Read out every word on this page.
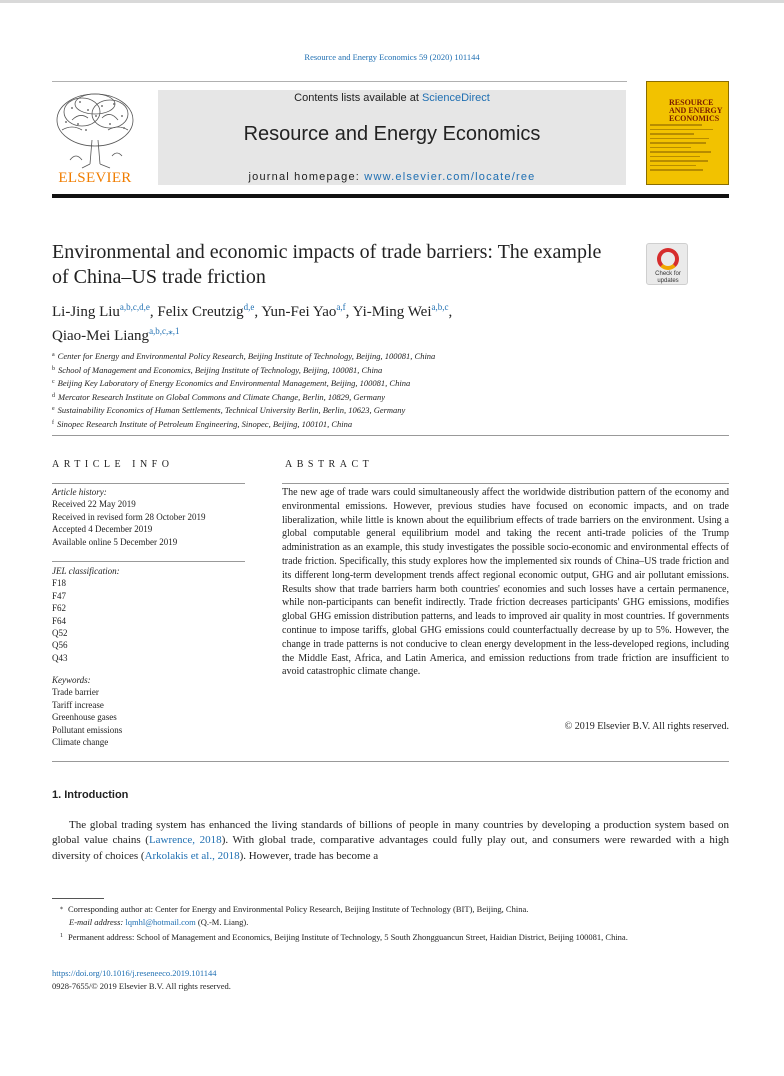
Resource and Energy Economics 59 (2020) 101144
ELSEVIER
Contents lists available at ScienceDirect
Resource and Energy Economics
journal homepage: www.elsevier.com/locate/ree
RESOURCE AND ENERGY ECONOMICS
Environmental and economic impacts of trade barriers: The example of China–US trade friction	Check for updates
Li-Jing Liu$^{a,b,c,d,e}$, Felix Creutzig$^{d,e}$, Yun-Fei Yao$^{a,f}$, Yi-Ming Wei$^{a,b,c}$,
Qiao-Mei Liang$^{a,b,c,⁎,1}$
$^a$ Center for Energy and Environmental Policy Research, Beijing Institute of Technology, Beijing, 100081, China
$^b$ School of Management and Economics, Beijing Institute of Technology, Beijing, 100081, China
$^c$ Beijing Key Laboratory of Energy Economics and Environmental Management, Beijing, 100081, China
$^d$ Mercator Research Institute on Global Commons and Climate Change, Berlin, 10829, Germany
$^e$ Sustainability Economics of Human Settlements, Technical University Berlin, Berlin, 10623, Germany
$^f$ Sinopec Research Institute of Petroleum Engineering, Sinopec, Beijing, 100101, China
ARTICLE INFO	ABSTRACT
Article history:
Received 22 May 2019
Received in revised form 28 October 2019
Accepted 4 December 2019
Available online 5 December 2019
JEL classification:
F18
F47
F62
F64
Q52
Q56
Q43
Keywords:
Trade barrier
Tariff increase
Greenhouse gases
Pollutant emissions
Climate change
The new age of trade wars could simultaneously affect the worldwide distribution pattern of the economy and environmental emissions. However, previous studies have focused on economic impacts, and on trade liberalization, while little is known about the equilibrium effects of trade barriers on the environment. Using a global computable general equilibrium model and taking the recent anti-trade policies of the Trump administration as an example, this study investigates the possible socio-economic and environmental effects of trade friction. Specifically, this study explores how the implemented six rounds of China–US trade friction and its different long-term development trends affect regional economic output, GHG and air pollutant emissions. Results show that trade barriers harm both countries' economies and such losses have a certain permanence, while non-participants can benefit indirectly. Trade friction decreases participants' GHG emissions, modifies global GHG emission distribution patterns, and leads to improved air quality in most countries. If governments continue to impose tariffs, global GHG emissions could counterfactually decrease by up to 5%. However, the change in trade patterns is not conducive to clean energy development in the less-developed regions, including the Middle East, Africa, and Latin America, and emission reductions from trade friction are insufficient to avoid catastrophic climate change.
© 2019 Elsevier B.V. All rights reserved.
1. Introduction

The global trading system has enhanced the living standards of billions of people in many countries by developing a production system based on global value chains (Lawrence, 2018). With global trade, comparative advantages could fully play out, and consumers were rewarded with a high diversity of choices (Arkolakis et al., 2018). However, trade has become a

⁎ Corresponding author at: Center for Energy and Environmental Policy Research, Beijing Institute of Technology (BIT), Beijing, China.
E-mail address: lqmhl@hotmail.com (Q.-M. Liang).
$^1$ Permanent address: School of Management and Economics, Beijing Institute of Technology, 5 South Zhongguancun Street, Haidian District, Beijing 100081, China.
https://doi.org/10.1016/j.reseneeco.2019.101144
0928-7655/© 2019 Elsevier B.V. All rights reserved.
